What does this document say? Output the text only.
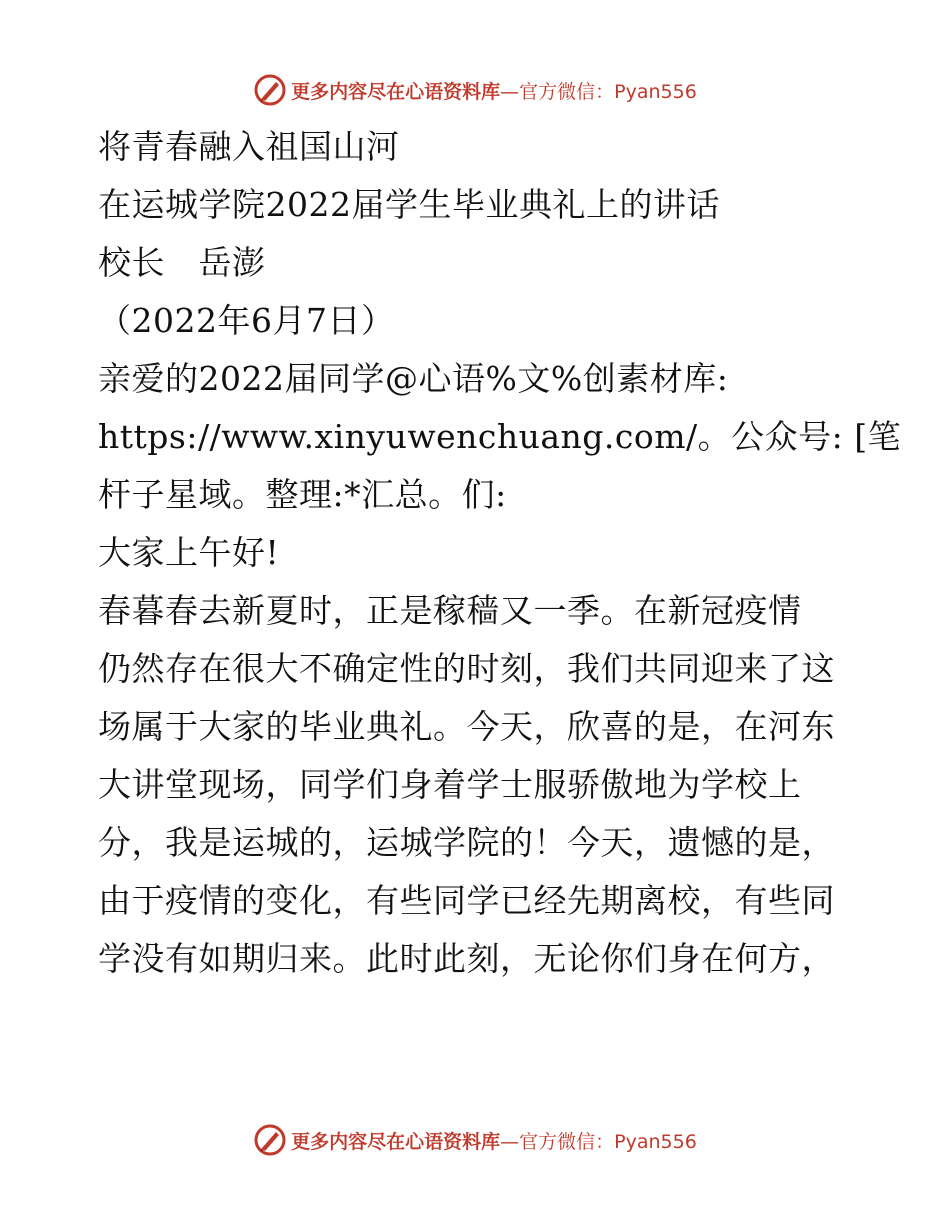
更多内容尽在心语资料库 —官方微信：Pyan556
将青春融入祖国山河
在运城学院2022届学生毕业典礼上的讲话
校长　岳澎
（2022年6月7日）
亲爱的2022届同学@心语%文%创素材库:
https://www.xinyuwenchuang.com/。公众号: [笔
杆子星域。整理:*汇总。们:
大家上午好!
春暮春去新夏时，正是稼穑又一季。在新冠疫情
仍然存在很大不确定性的时刻，我们共同迎来了这
场属于大家的毕业典礼。今天，欣喜的是，在河东
大讲堂现场，同学们身着学士服骄傲地为学校上
分，我是运城的，运城学院的！今天，遗憾的是，
由于疫情的变化，有些同学已经先期离校，有些同
学没有如期归来。此时此刻，无论你们身在何方，
更多内容尽在心语资料库 —官方微信：Pyan556
